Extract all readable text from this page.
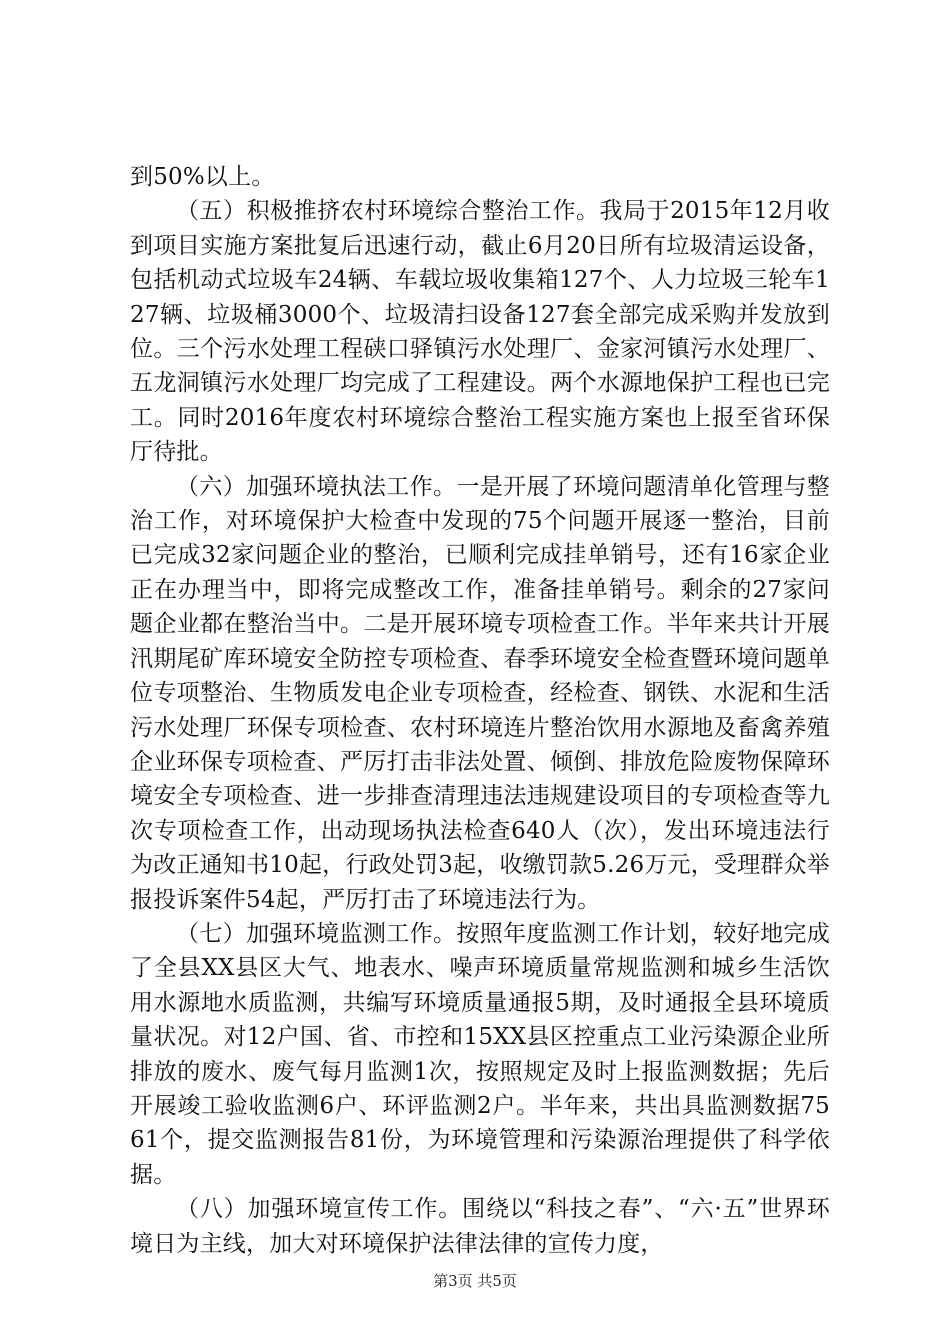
到50%以上。

（五）积极推挤农村环境综合整治工作。我局于2015年12月收到项目实施方案批复后迅速行动，截止6月20日所有垃圾清运设备，包括机动式垃圾车24辆、车载垃圾收集箱127个、人力垃圾三轮车127辆、垃圾桶3000个、垃圾清扫设备127套全部完成采购并发放到位。三个污水处理工程硖口驿镇污水处理厂、金家河镇污水处理厂、五龙洞镇污水处理厂均完成了工程建设。两个水源地保护工程也已完工。同时2016年度农村环境综合整治工程实施方案也上报至省环保厅待批。

（六）加强环境执法工作。一是开展了环境问题清单化管理与整治工作，对环境保护大检查中发现的75个问题开展逐一整治，目前已完成32家问题企业的整治，已顺利完成挂单销号，还有16家企业正在办理当中，即将完成整改工作，准备挂单销号。剩余的27家问题企业都在整治当中。二是开展环境专项检查工作。半年来共计开展汛期尾矿库环境安全防控专项检查、春季环境安全检查暨环境问题单位专项整治、生物质发电企业专项检查，经检查、钢铁、水泥和生活污水处理厂环保专项检查、农村环境连片整治饮用水源地及畜禽养殖企业环保专项检查、严厉打击非法处置、倾倒、排放危险废物保障环境安全专项检查、进一步排查清理违法违规建设项目的专项检查等九次专项检查工作，出动现场执法检查640人（次），发出环境违法行为改正通知书10起，行政处罚3起，收缴罚款5.26万元，受理群众举报投诉案件54起，严厉打击了环境违法行为。

（七）加强环境监测工作。按照年度监测工作计划，较好地完成了全县XX县区大气、地表水、噪声环境质量常规监测和城乡生活饮用水源地水质监测，共编写环境质量通报5期，及时通报全县环境质量状况。对12户国、省、市控和15XX县区控重点工业污染源企业所排放的废水、废气每月监测1次，按照规定及时上报监测数据；先后开展竣工验收监测6户、环评监测2户。半年来，共出具监测数据7561个，提交监测报告81份，为环境管理和污染源治理提供了科学依据。

（八）加强环境宣传工作。围绕以“科技之春”、“六·五”世界环境日为主线，加大对环境保护法律法律的宣传力度，

第3页 共5页
